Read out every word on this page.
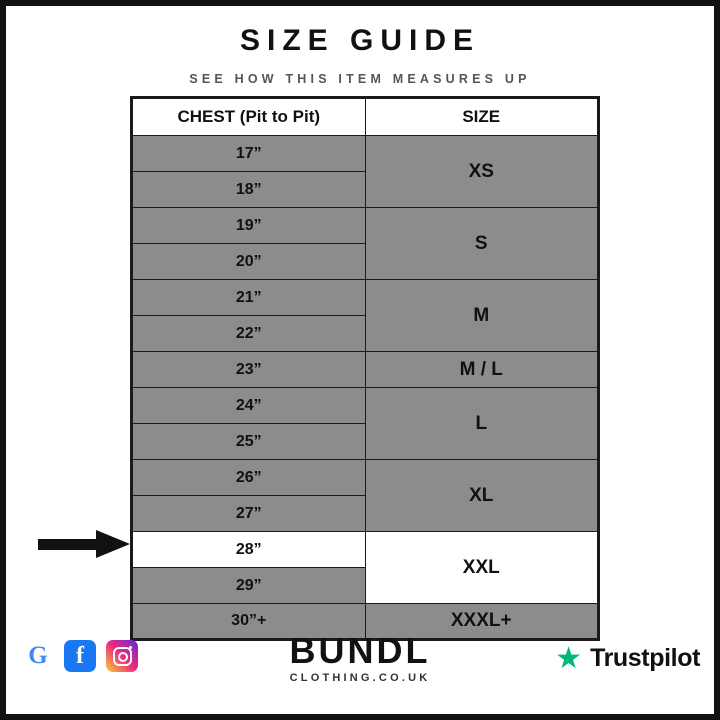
SIZE GUIDE
SEE HOW THIS ITEM MEASURES UP
CHEST (Pit to Pit)	SIZE
17”	XS
18”	
19”	S
20”	
21”	M
22”	
23”	M / L
24”	L
25”	
26”	XL
27”	
28”	XXL
29”	
30”+	XXXL+
G f	BUNDL
CLOTHING.CO.UK
★ Trustpilot
